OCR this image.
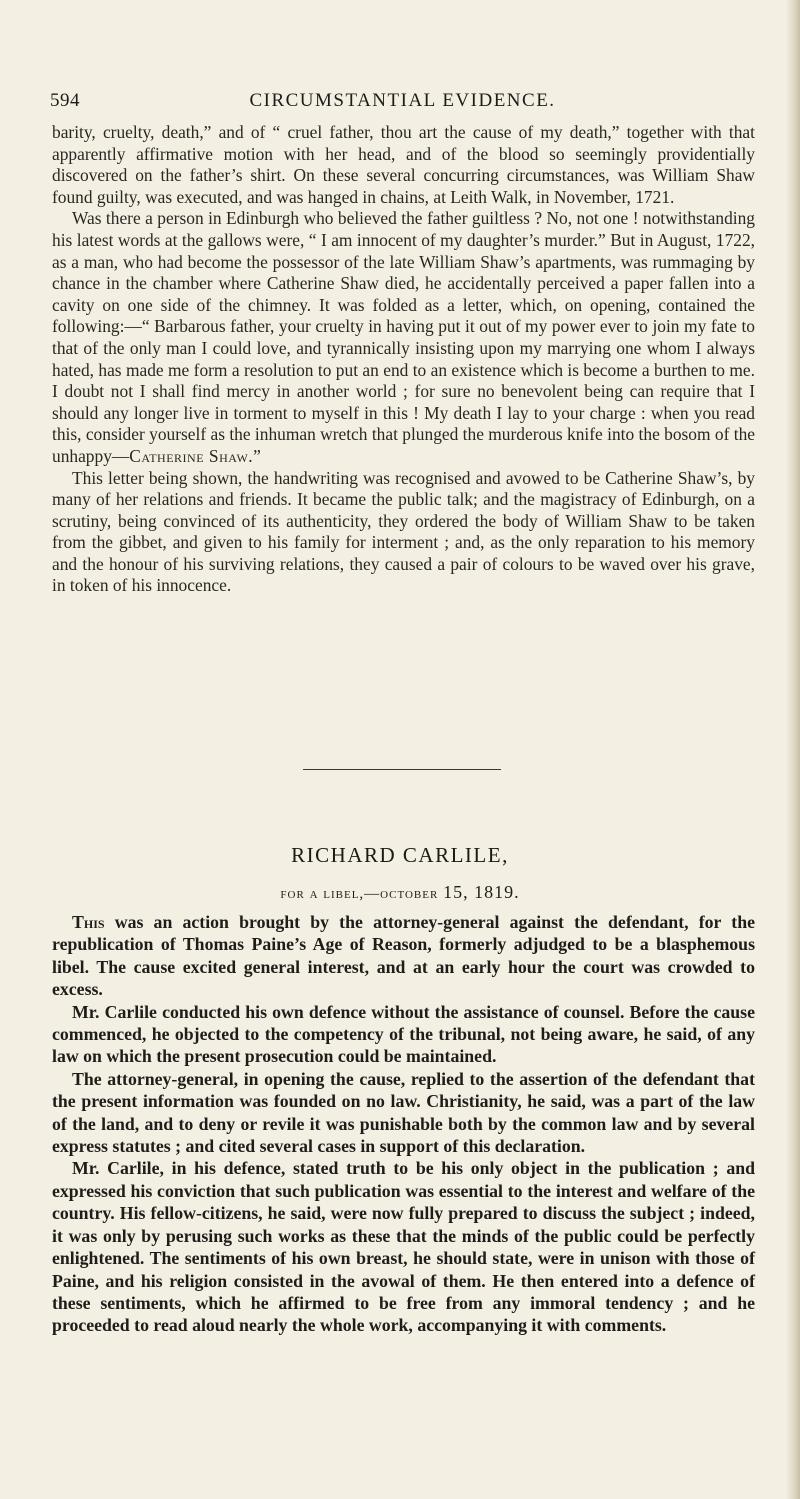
594	CIRCUMSTANTIAL EVIDENCE.

barity, cruelty, death,” and of “ cruel father, thou art the cause of my death,” together with that apparently affirmative motion with her head, and of the blood so seemingly providentially discovered on the father’s shirt. On these several concurring circumstances, was William Shaw found guilty, was executed, and was hanged in chains, at Leith Walk, in November, 1721.

Was there a person in Edinburgh who believed the father guiltless ? No, not one ! notwithstanding his latest words at the gallows were, “ I am innocent of my daughter’s murder.” But in August, 1722, as a man, who had become the possessor of the late William Shaw’s apartments, was rummaging by chance in the chamber where Catherine Shaw died, he accidentally perceived a paper fallen into a cavity on one side of the chimney. It was folded as a letter, which, on opening, contained the following:—“ Barbarous father, your cruelty in having put it out of my power ever to join my fate to that of the only man I could love, and tyrannically insisting upon my marrying one whom I always hated, has made me form a resolution to put an end to an existence which is become a burthen to me. I doubt not I shall find mercy in another world ; for sure no benevolent being can require that I should any longer live in torment to myself in this ! My death I lay to your charge : when you read this, consider yourself as the inhuman wretch that plunged the murderous knife into the bosom of the unhappy—Catherine Shaw.”

This letter being shown, the handwriting was recognised and avowed to be Catherine Shaw’s, by many of her relations and friends. It became the public talk; and the magistracy of Edinburgh, on a scrutiny, being convinced of its authenticity, they ordered the body of William Shaw to be taken from the gibbet, and given to his family for interment ; and, as the only reparation to his memory and the honour of his surviving relations, they caused a pair of colours to be waved over his grave, in token of his innocence.

RICHARD CARLILE,
for a libel,—october 15, 1819.

This was an action brought by the attorney-general against the defendant, for the republication of Thomas Paine’s Age of Reason, formerly adjudged to be a blasphemous libel. The cause excited general interest, and at an early hour the court was crowded to excess.

Mr. Carlile conducted his own defence without the assistance of counsel. Before the cause commenced, he objected to the competency of the tribunal, not being aware, he said, of any law on which the present prosecution could be maintained.

The attorney-general, in opening the cause, replied to the assertion of the defendant that the present information was founded on no law. Christianity, he said, was a part of the law of the land, and to deny or revile it was punishable both by the common law and by several express statutes ; and cited several cases in support of this declaration.

Mr. Carlile, in his defence, stated truth to be his only object in the publication ; and expressed his conviction that such publication was essential to the interest and welfare of the country. His fellow-citizens, he said, were now fully prepared to discuss the subject ; indeed, it was only by perusing such works as these that the minds of the public could be perfectly enlightened. The sentiments of his own breast, he should state, were in unison with those of Paine, and his religion consisted in the avowal of them. He then entered into a defence of these sentiments, which he affirmed to be free from any immoral tendency ; and he proceeded to read aloud nearly the whole work, accompanying it with comments.
